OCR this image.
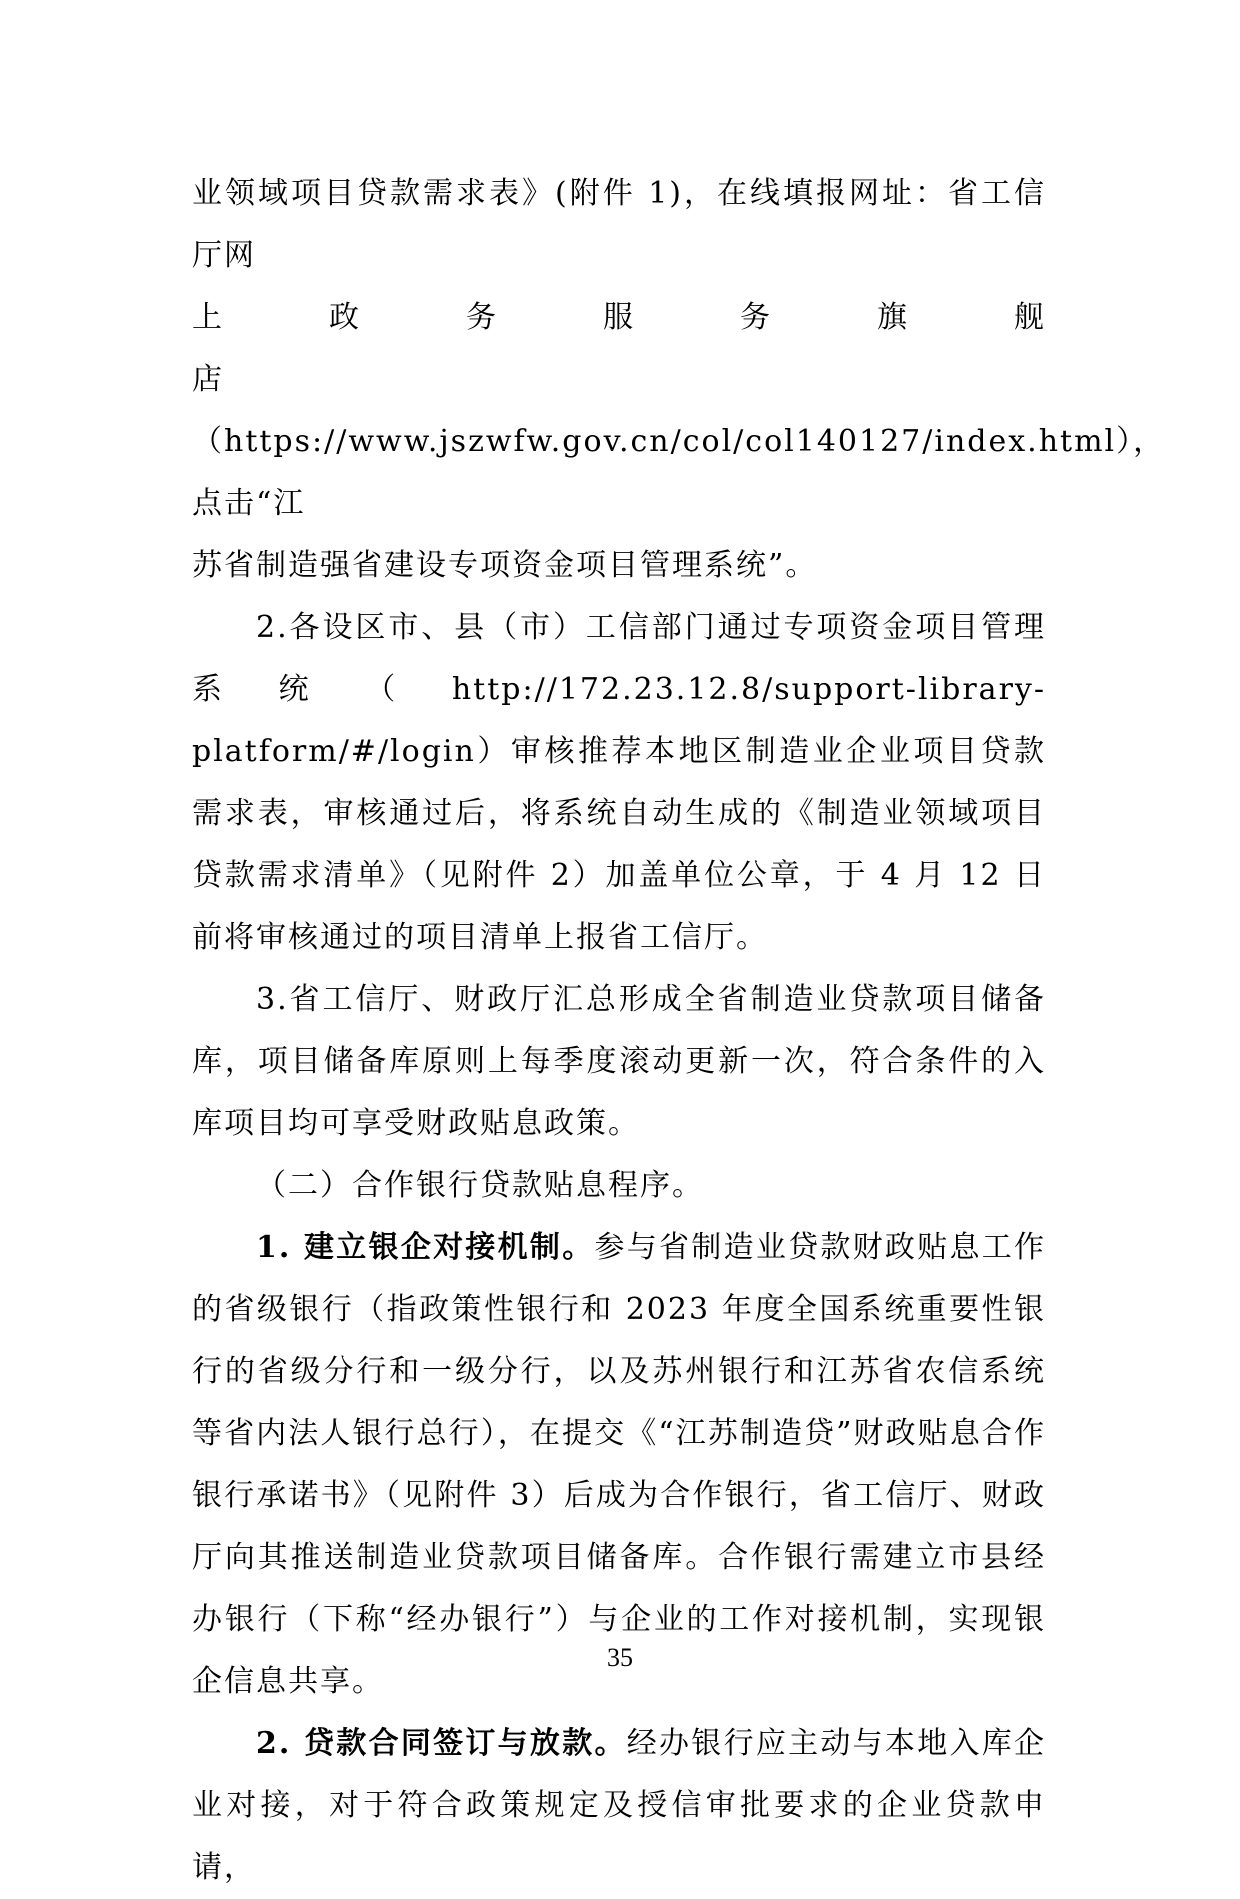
业领域项目贷款需求表》(附件 1)，在线填报网址：省工信厅网
上　　　政　　　务　　　服　　　务　　　旗　　　舰　　　店
（https://www.jszwfw.gov.cn/col/col140127/index.html），点击“江
苏省制造强省建设专项资金项目管理系统”。

2.各设区市、县（市）工信部门通过专项资金项目管理系统（http://172.23.12.8/support-library-platform/#/login）审核推荐本地区制造业企业项目贷款需求表，审核通过后，将系统自动生成的《制造业领域项目贷款需求清单》（见附件 2）加盖单位公章，于 4 月 12 日前将审核通过的项目清单上报省工信厅。

3.省工信厅、财政厅汇总形成全省制造业贷款项目储备库，项目储备库原则上每季度滚动更新一次，符合条件的入库项目均可享受财政贴息政策。

（二）合作银行贷款贴息程序。

1. 建立银企对接机制。参与省制造业贷款财政贴息工作的省级银行（指政策性银行和 2023 年度全国系统重要性银行的省级分行和一级分行，以及苏州银行和江苏省农信系统等省内法人银行总行），在提交《“江苏制造贷”财政贴息合作银行承诺书》（见附件 3）后成为合作银行，省工信厅、财政厅向其推送制造业贷款项目储备库。合作银行需建立市县经办银行（下称“经办银行”）与企业的工作对接机制，实现银企信息共享。

2. 贷款合同签订与放款。经办银行应主动与本地入库企业对接，对于符合政策规定及授信审批要求的企业贷款申请，

35
